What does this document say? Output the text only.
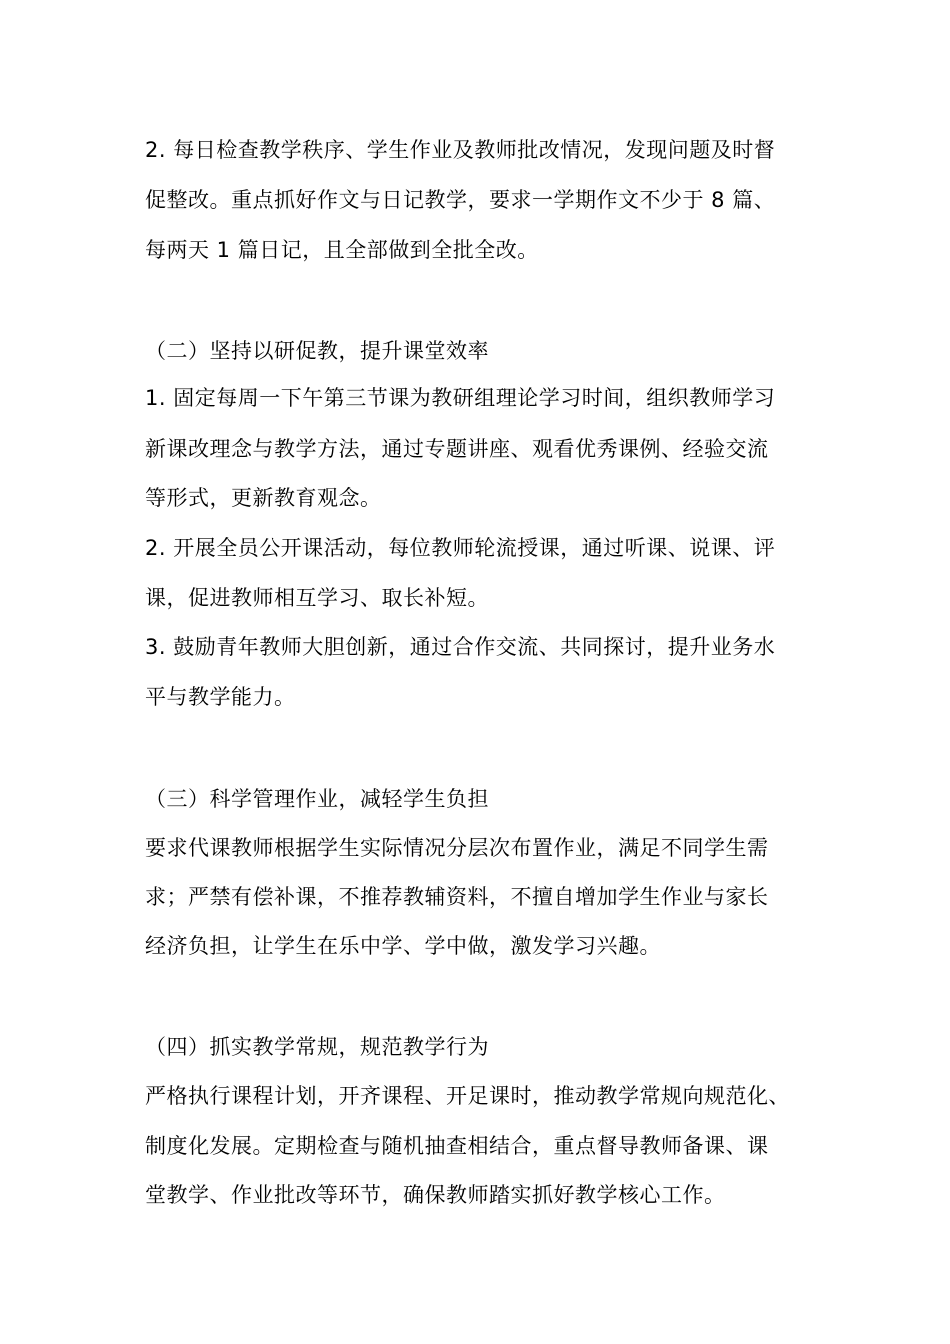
2. 每日检查教学秩序、学生作业及教师批改情况，发现问题及时督

促整改。重点抓好作文与日记教学，要求一学期作文不少于 8 篇、

每两天 1 篇日记，且全部做到全批全改。

（二）坚持以研促教，提升课堂效率

1. 固定每周一下午第三节课为教研组理论学习时间，组织教师学习

新课改理念与教学方法，通过专题讲座、观看优秀课例、经验交流

等形式，更新教育观念。

2. 开展全员公开课活动，每位教师轮流授课，通过听课、说课、评

课，促进教师相互学习、取长补短。

3. 鼓励青年教师大胆创新，通过合作交流、共同探讨，提升业务水

平与教学能力。

（三）科学管理作业，减轻学生负担

要求代课教师根据学生实际情况分层次布置作业，满足不同学生需

求；严禁有偿补课，不推荐教辅资料，不擅自增加学生作业与家长

经济负担，让学生在乐中学、学中做，激发学习兴趣。

（四）抓实教学常规，规范教学行为

严格执行课程计划，开齐课程、开足课时，推动教学常规向规范化、

制度化发展。定期检查与随机抽查相结合，重点督导教师备课、课

堂教学、作业批改等环节，确保教师踏实抓好教学核心工作。
